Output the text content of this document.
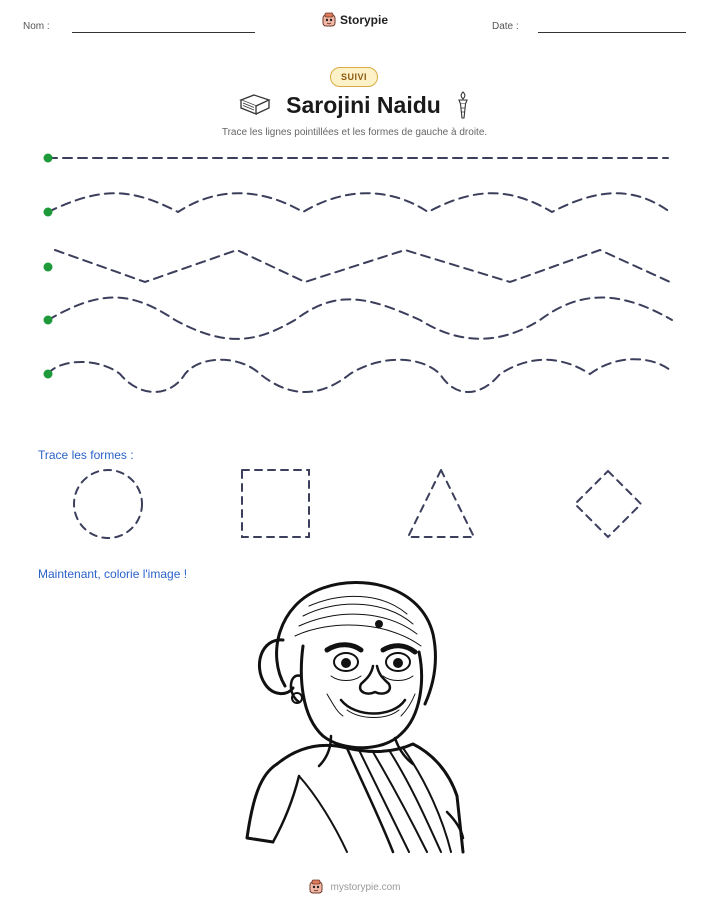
Nom :	Date :
Storypie
SUIVI
Sarojini Naidu
Trace les lignes pointillées et les formes de gauche à droite.
Trace les formes :
Maintenant, colorie l'image !
mystorypie.com
